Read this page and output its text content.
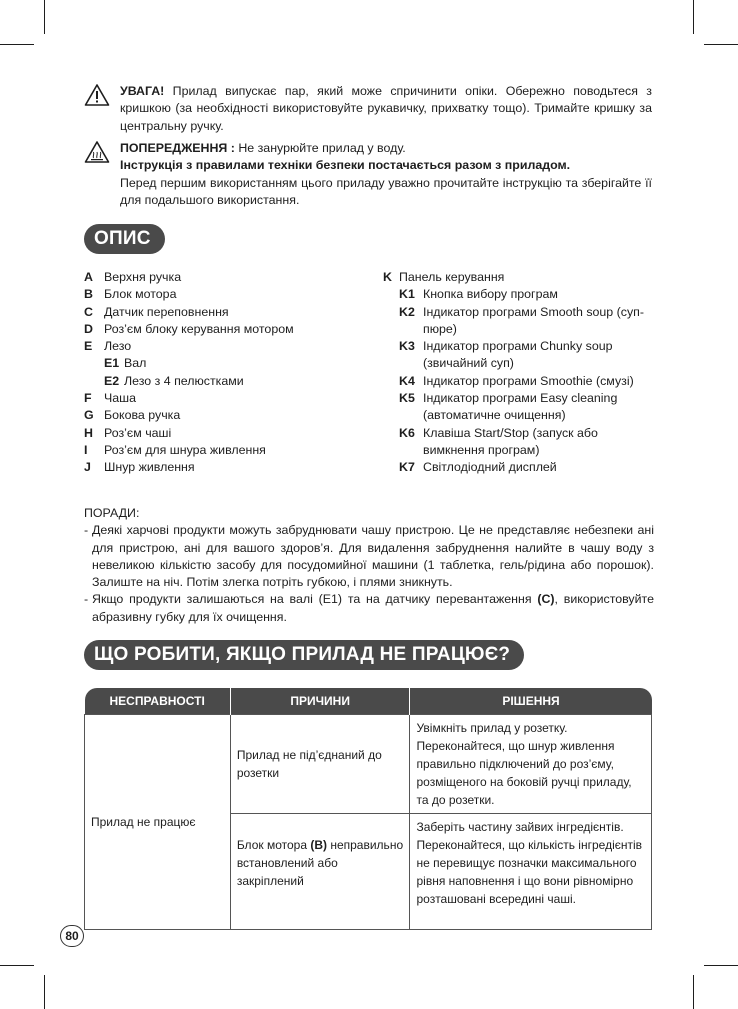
УВАГА! Прилад випускає пар, який може спричинити опіки. Обережно поводьтеся з кришкою (за необхідності використовуйте рукавичку, прихватку тощо). Тримайте кришку за центральну ручку.
ПОПЕРЕДЖЕННЯ : Не занурюйте прилад у воду.
Інструкція з правилами техніки безпеки постачається разом з приладом.
Перед першим використанням цього приладу уважно прочитайте інструкцію та зберігайте її для подальшого використання.
ОПИС
A Верхня ручка
B Блок мотора
C Датчик переповнення
D Роз’єм блоку керування мотором
E Лезо
E1 Вал
E2 Лезо з 4 пелюстками
F Чаша
G Бокова ручка
H Роз’єм чаші
I Роз’єм для шнура живлення
J Шнур живлення
K Панель керування
K1 Кнопка вибору програм
K2 Індикатор програми Smooth soup (суп-пюре)
K3 Індикатор програми Chunky soup (звичайний суп)
K4 Індикатор програми Smoothie (смузі)
K5 Індикатор програми Easy cleaning (автоматичне очищення)
K6 Клавіша Start/Stop (запуск або вимкнення програм)
K7 Світлодіодний дисплей
ПОРАДИ:
- Деякі харчові продукти можуть забруднювати чашу пристрою. Це не представляє небезпеки ані для пристрою, ані для вашого здоров’я. Для видалення забруднення налийте в чашу воду з невеликою кількістю засобу для посудомийної машини (1 таблетка, гель/рідина або порошок). Залиште на ніч. Потім злегка потріть губкою, і плями зникнуть.
- Якщо продукти залишаються на валі (E1) та на датчику перевантаження (C), використовуйте абразивну губку для їх очищення.
ЩО РОБИТИ, ЯКЩО ПРИЛАД НЕ ПРАЦЮЄ?
НЕСПРАВНОСТІ	ПРИЧИНИ	РІШЕННЯ
Прилад не працює	Прилад не під’єднаний до розетки	Увімкніть прилад у розетку. Переконайтеся, що шнур живлення правильно підключений до роз’єму, розміщеного на боковій ручці приладу, та до розетки.
	Блок мотора (B) неправильно встановлений або закріплений	Заберіть частину зайвих інгредієнтів. Переконайтеся, що кількість інгредієнтів не перевищує позначки максимального рівня наповнення і що вони рівномірно розташовані всередині чаші.
80
